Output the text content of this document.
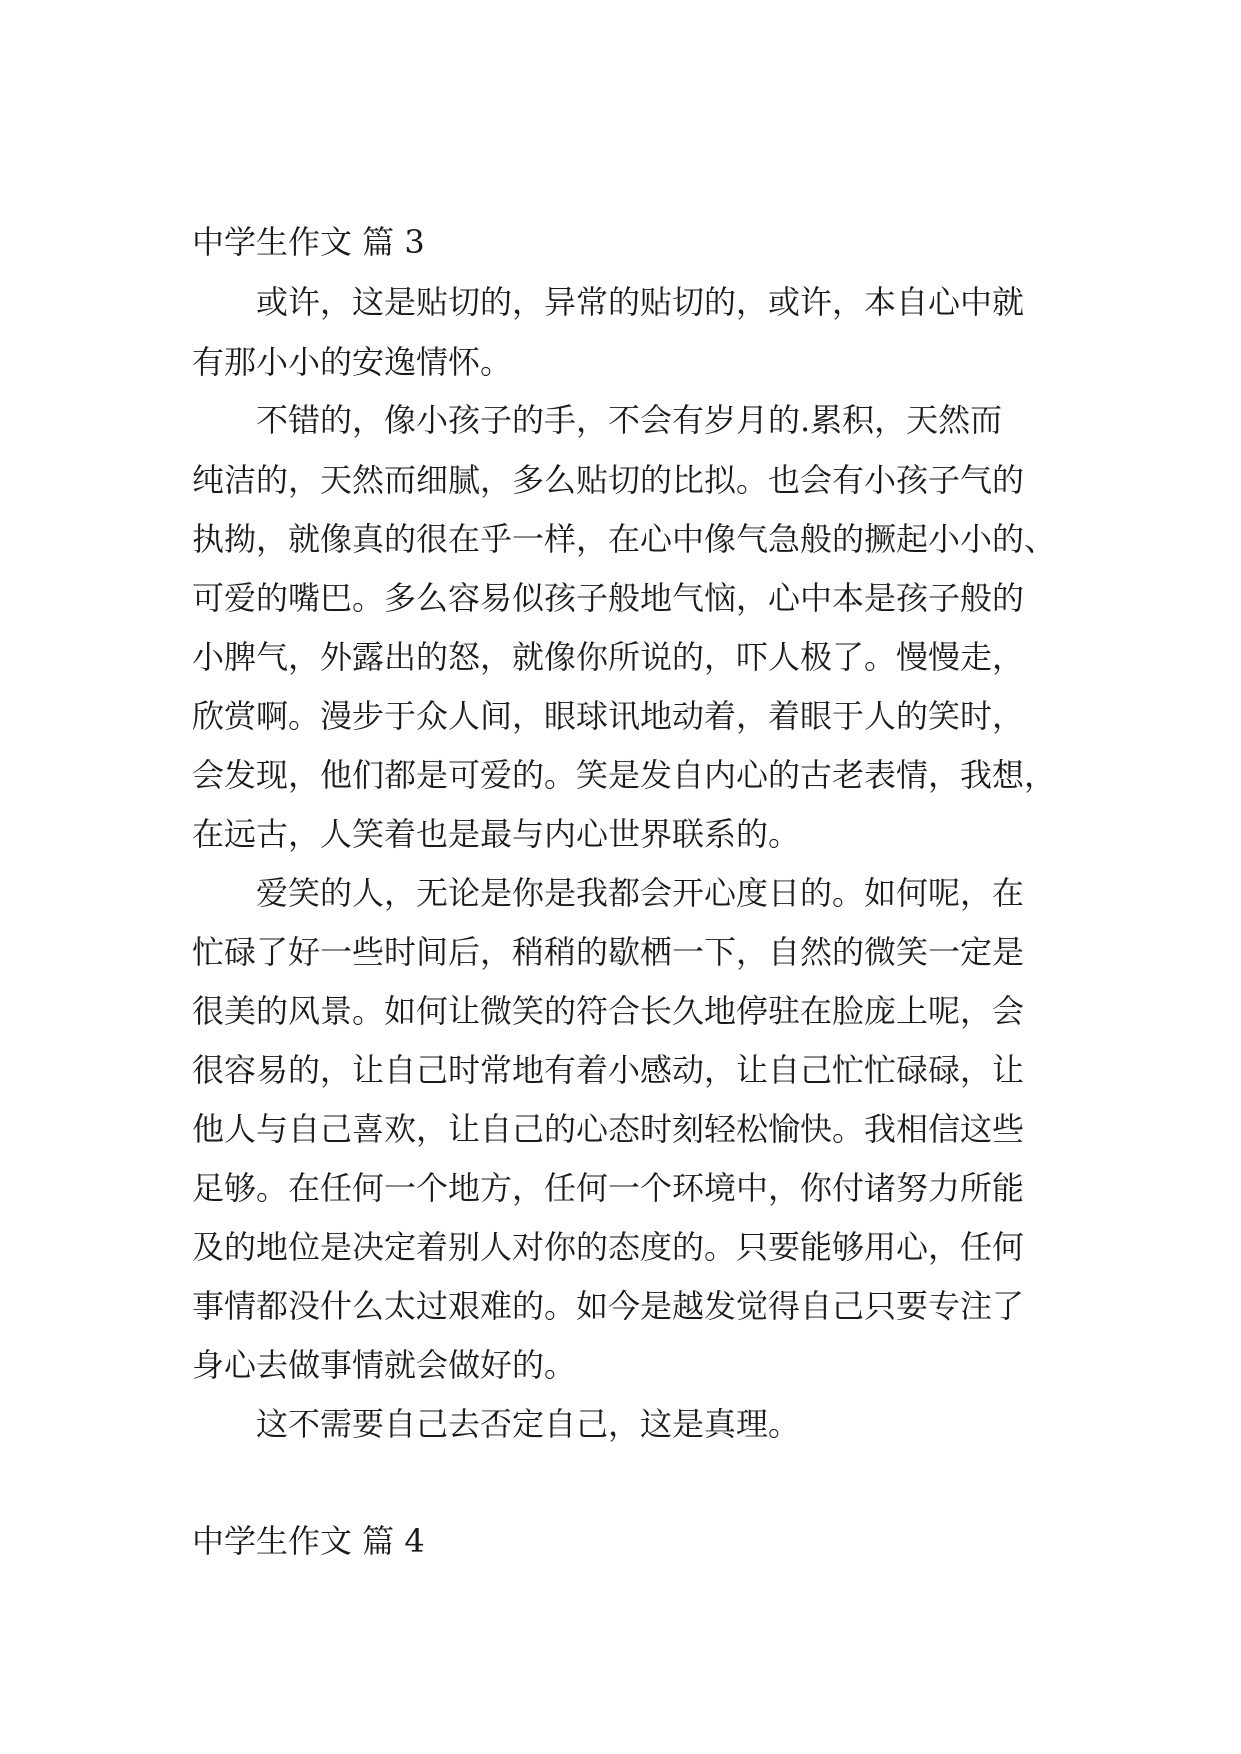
中学生作文 篇 3
或许，这是贴切的，异常的贴切的，或许，本自心中就
有那小小的安逸情怀。
不错的，像小孩子的手，不会有岁月的.累积，天然而
纯洁的，天然而细腻，多么贴切的比拟。也会有小孩子气的
执拗，就像真的很在乎一样，在心中像气急般的撅起小小的、
可爱的嘴巴。多么容易似孩子般地气恼，心中本是孩子般的
小脾气，外露出的怒，就像你所说的，吓人极了。慢慢走，
欣赏啊。漫步于众人间，眼球讯地动着，着眼于人的笑时，
会发现，他们都是可爱的。笑是发自内心的古老表情，我想，
在远古，人笑着也是最与内心世界联系的。
爱笑的人，无论是你是我都会开心度日的。如何呢，在
忙碌了好一些时间后，稍稍的歇栖一下，自然的微笑一定是
很美的风景。如何让微笑的符合长久地停驻在脸庞上呢，会
很容易的，让自己时常地有着小感动，让自己忙忙碌碌，让
他人与自己喜欢，让自己的心态时刻轻松愉快。我相信这些
足够。在任何一个地方，任何一个环境中，你付诸努力所能
及的地位是决定着别人对你的态度的。只要能够用心，任何
事情都没什么太过艰难的。如今是越发觉得自己只要专注了
身心去做事情就会做好的。
这不需要自己去否定自己，这是真理。
中学生作文 篇 4
